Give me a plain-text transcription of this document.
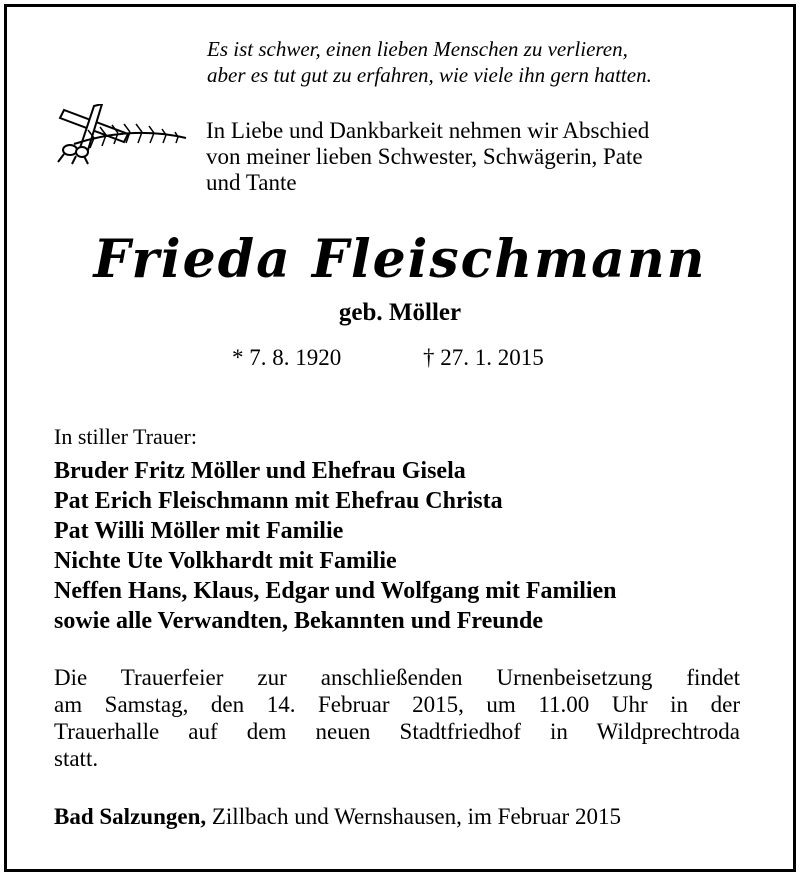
Es ist schwer, einen lieben Menschen zu verlieren,
aber es tut gut zu erfahren, wie viele ihn gern hatten.
In Liebe und Dankbarkeit nehmen wir Abschied
von meiner lieben Schwester, Schwägerin, Pate
und Tante
Frieda Fleischmann
geb. Möller
* 7. 8. 1920	† 27. 1. 2015
In stiller Trauer:
Bruder Fritz Möller und Ehefrau Gisela
Pat Erich Fleischmann mit Ehefrau Christa
Pat Willi Möller mit Familie
Nichte Ute Volkhardt mit Familie
Neffen Hans, Klaus, Edgar und Wolfgang mit Familien
sowie alle Verwandten, Bekannten und Freunde
Die Trauerfeier zur anschließenden Urnenbeisetzung findet
am Samstag, den 14. Februar 2015, um 11.00 Uhr in der
Trauerhalle auf dem neuen Stadtfriedhof in Wildprechtroda
statt.
Bad Salzungen, Zillbach und Wernshausen, im Februar 2015
